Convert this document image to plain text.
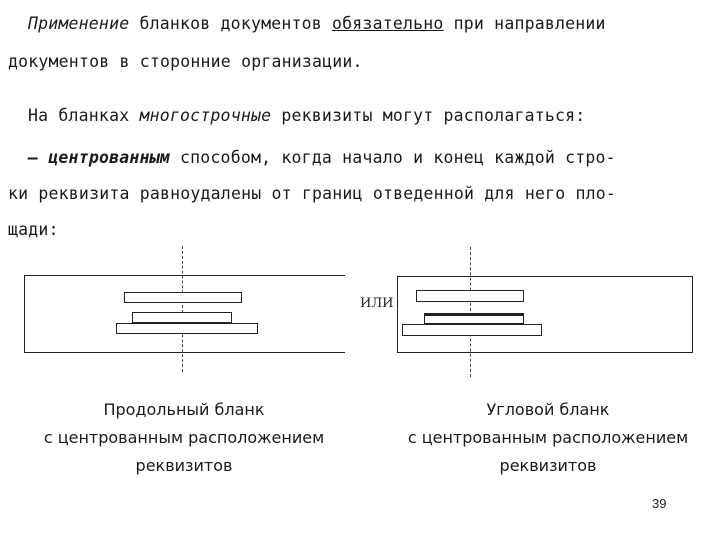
Применение бланков документов обязательно при направлении
документов в сторонние организации.
На бланках многострочные реквизиты могут располагаться:
– центрованным способом, когда начало и конец каждой стро-
ки реквизита равноудалены от границ отведенной для него пло-
щади:
ИЛИ
Продольный бланк
с центрованным расположением
реквизитов
Угловой бланк
с центрованным расположением
реквизитов
39
